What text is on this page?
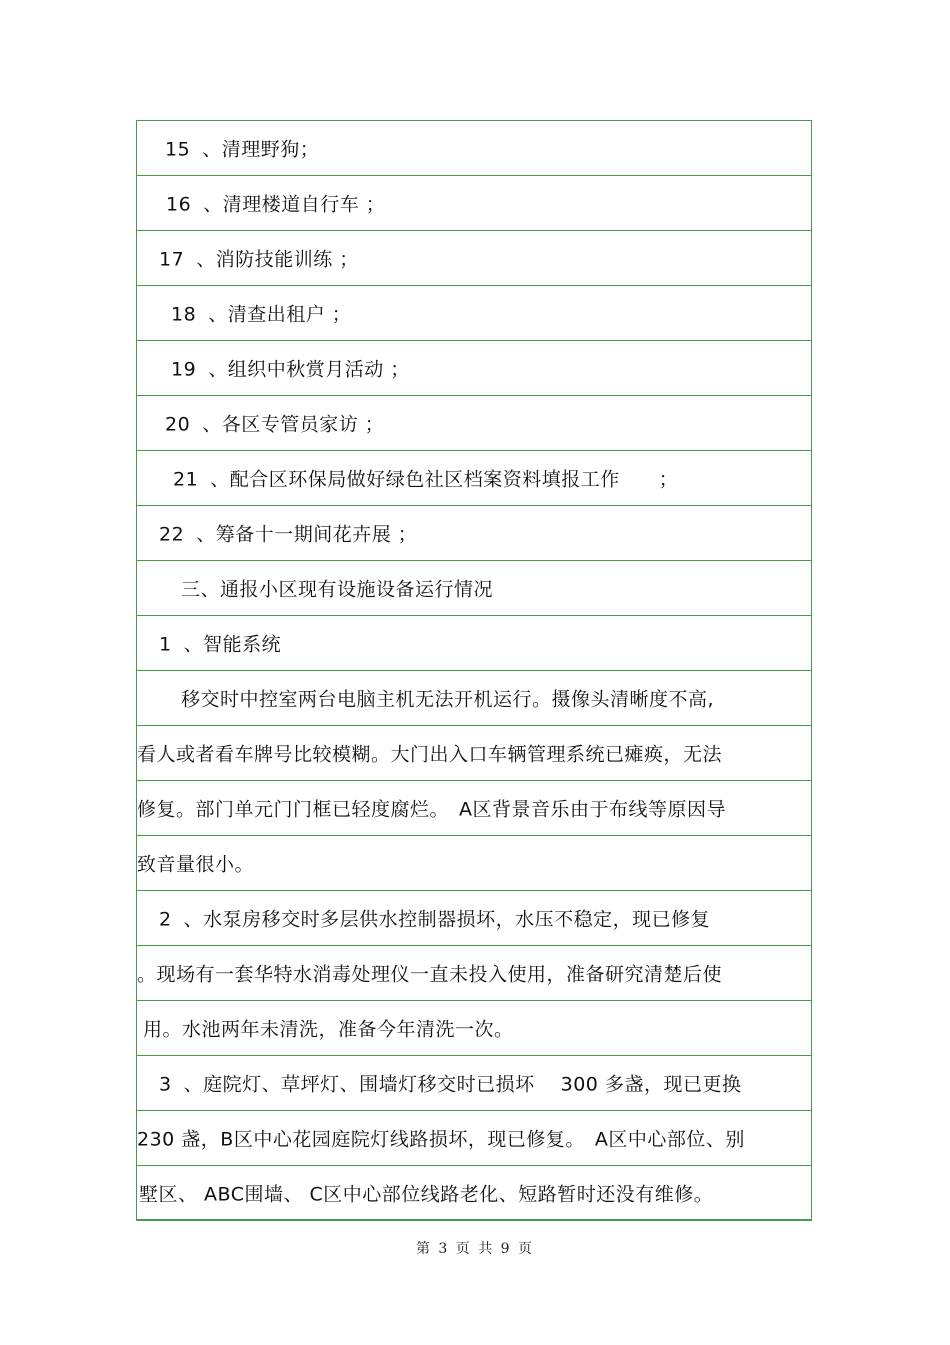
15 、清理野狗；
16 、清理楼道自行车 ；
17 、消防技能训练 ；
18 、清查出租户 ；
19 、组织中秋赏月活动 ；
20 、各区专管员家访 ；
21 、配合区环保局做好绿色社区档案资料填报工作　　；
22 、筹备十一期间花卉展 ；
三、通报小区现有设施设备运行情况
1 、智能系统
移交时中控室两台电脑主机无法开机运行。摄像头清晰度不高,
看人或者看车牌号比较模糊。大门出入口车辆管理系统已瘫痪，无法
修复。部门单元门门框已轻度腐烂。　A区背景音乐由于布线等原因导
致音量很小。
2 、水泵房移交时多层供水控制器损坏，水压不稳定，现已修复
。现场有一套华特水消毒处理仪一直未投入使用，准备研究清楚后使
用。水池两年未清洗，准备今年清洗一次。
3 、庭院灯、草坪灯、围墙灯移交时已损坏　 300 多盏，现已更换
230 盏，B区中心花园庭院灯线路损坏，现已修复。　A区中心部位、别
墅区、 ABC围墙、 C区中心部位线路老化、短路暂时还没有维修。
第 3 页 共 9 页
